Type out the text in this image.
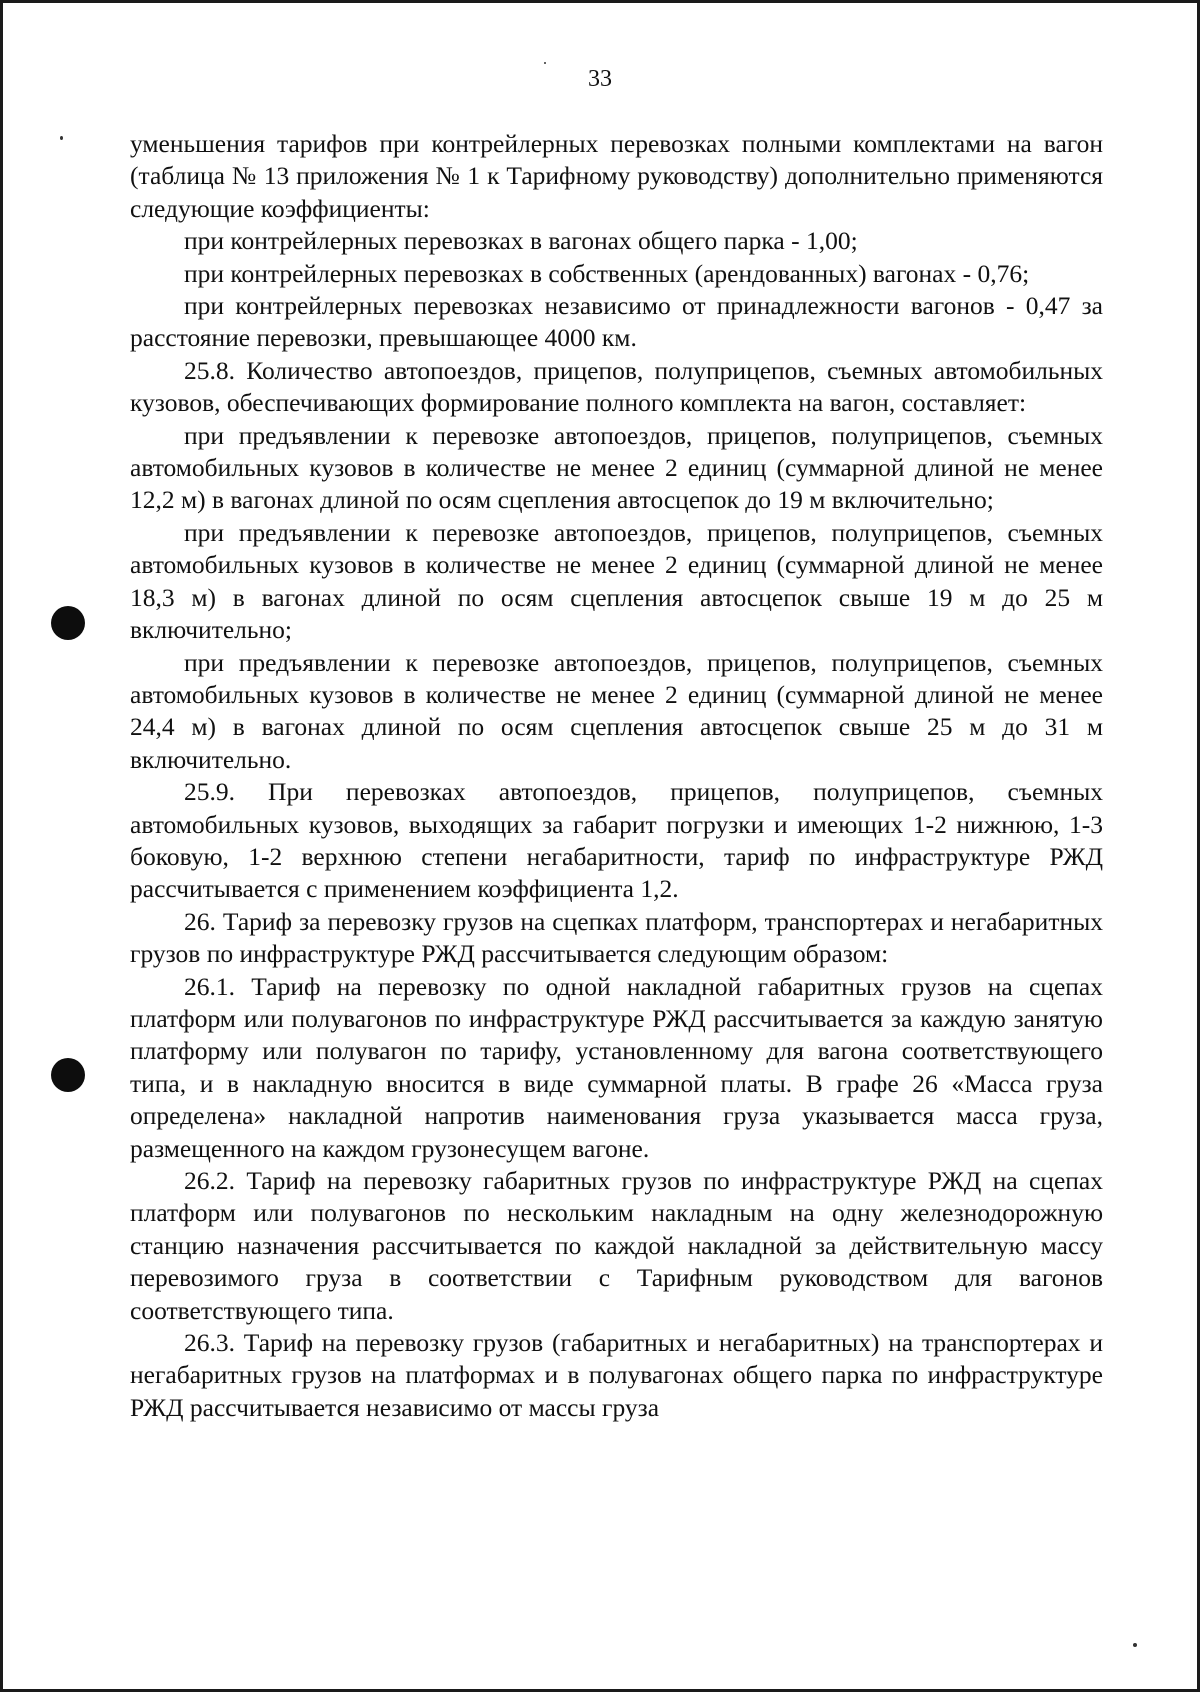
33

уменьшения тарифов при контрейлерных перевозках полными комплектами на вагон (таблица № 13 приложения № 1 к Тарифному руководству) дополнительно применяются следующие коэффициенты:

при контрейлерных перевозках в вагонах общего парка - 1,00;

при контрейлерных перевозках в собственных (арендованных) вагонах - 0,76;

при контрейлерных перевозках независимо от принадлежности вагонов - 0,47 за расстояние перевозки, превышающее 4000 км.

25.8. Количество автопоездов, прицепов, полуприцепов, съемных автомобильных кузовов, обеспечивающих формирование полного комплекта на вагон, составляет:

при предъявлении к перевозке автопоездов, прицепов, полуприцепов, съемных автомобильных кузовов в количестве не менее 2 единиц (суммарной длиной не менее 12,2 м) в вагонах длиной по осям сцепления автосцепок до 19 м включительно;

при предъявлении к перевозке автопоездов, прицепов, полуприцепов, съемных автомобильных кузовов в количестве не менее 2 единиц (суммарной длиной не менее 18,3 м) в вагонах длиной по осям сцепления автосцепок свыше 19 м до 25 м включительно;

при предъявлении к перевозке автопоездов, прицепов, полуприцепов, съемных автомобильных кузовов в количестве не менее 2 единиц (суммарной длиной не менее 24,4 м) в вагонах длиной по осям сцепления автосцепок свыше 25 м до 31 м включительно.

25.9. При перевозках автопоездов, прицепов, полуприцепов, съемных автомобильных кузовов, выходящих за габарит погрузки и имеющих 1-2 нижнюю, 1-3 боковую, 1-2 верхнюю степени негабаритности, тариф по инфраструктуре РЖД рассчитывается с применением коэффициента 1,2.

26. Тариф за перевозку грузов на сцепках платформ, транспортерах и негабаритных грузов по инфраструктуре РЖД рассчитывается следующим образом:

26.1. Тариф на перевозку по одной накладной габаритных грузов на сцепах платформ или полувагонов по инфраструктуре РЖД рассчитывается за каждую занятую платформу или полувагон по тарифу, установленному для вагона соответствующего типа, и в накладную вносится в виде суммарной платы. В графе 26 «Масса груза определена» накладной напротив наименования груза указывается масса груза, размещенного на каждом грузонесущем вагоне.

26.2. Тариф на перевозку габаритных грузов по инфраструктуре РЖД на сцепах платформ или полувагонов по нескольким накладным на одну железнодорожную станцию назначения рассчитывается по каждой накладной за действительную массу перевозимого груза в соответствии с Тарифным руководством для вагонов соответствующего типа.

26.3. Тариф на перевозку грузов (габаритных и негабаритных) на транспортерах и негабаритных грузов на платформах и в полувагонах общего парка по инфраструктуре РЖД рассчитывается независимо от массы груза
